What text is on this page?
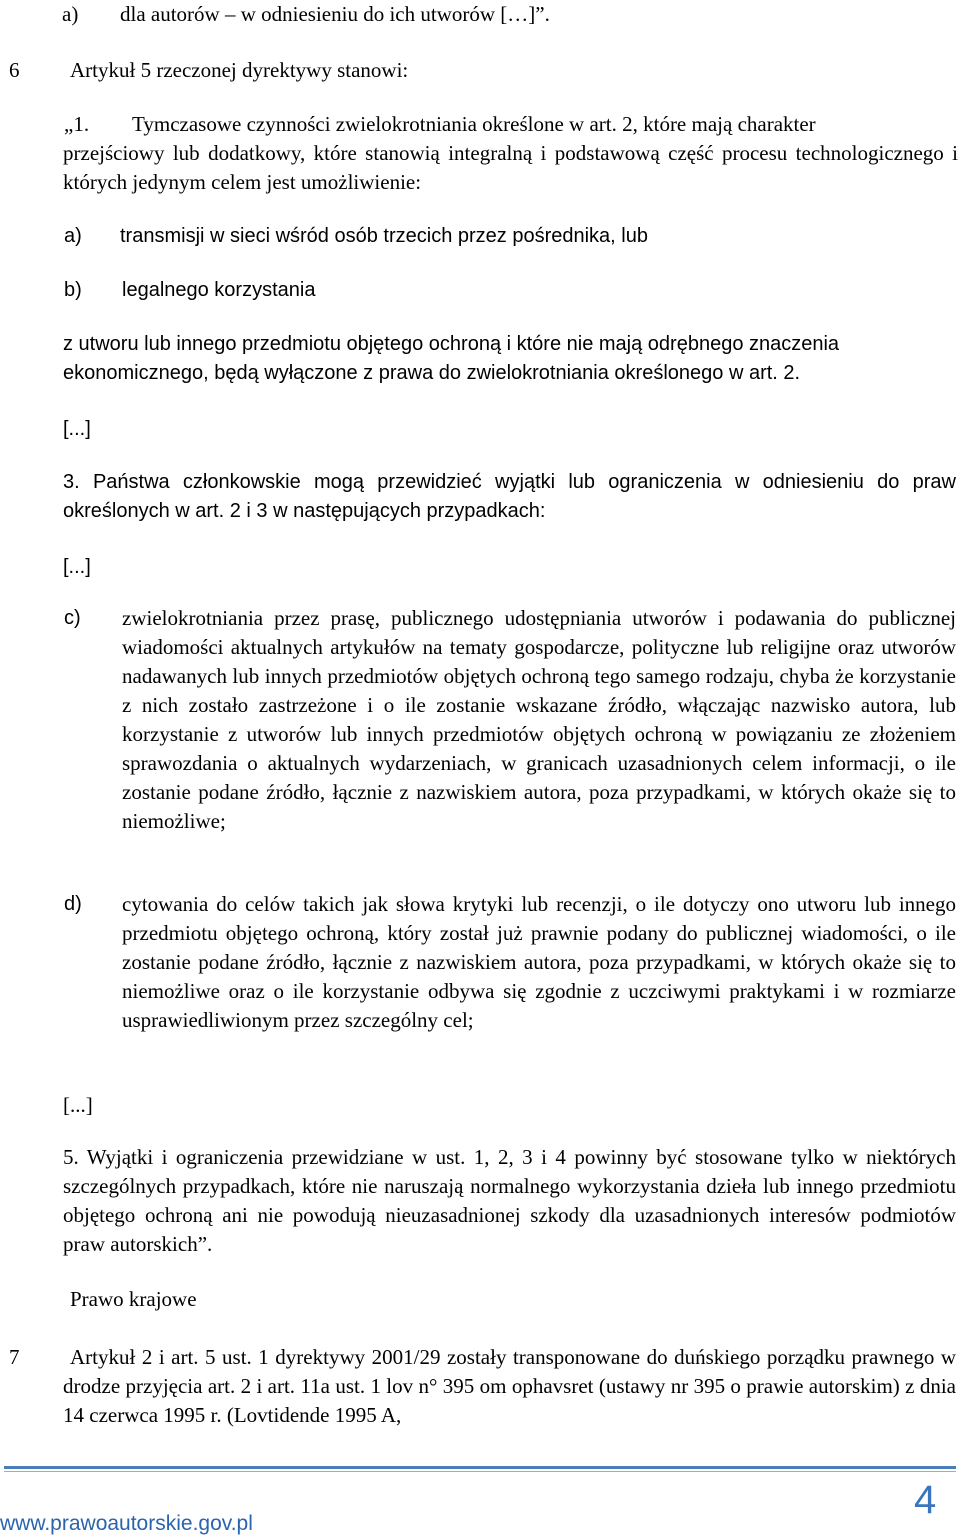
a) dla autorów – w odniesieniu do ich utworów […]”.
6 Artykuł 5 rzeczonej dyrektywy stanowi:
„1. Tymczasowe czynności zwielokrotniania określone w art. 2, które mają charakter
przejściowy lub dodatkowy, które stanowią integralną i podstawową część procesu technologicznego i których jedynym celem jest umożliwienie:
a) transmisji w sieci wśród osób trzecich przez pośrednika, lub
b) legalnego korzystania
z utworu lub innego przedmiotu objętego ochroną i które nie mają odrębnego znaczenia ekonomicznego, będą wyłączone z prawa do zwielokrotniania określonego w art. 2.
[...]
3. Państwa członkowskie mogą przewidzieć wyjątki lub ograniczenia w odniesieniu do praw określonych w art. 2 i 3 w następujących przypadkach:
[...]
c) zwielokrotniania przez prasę, publicznego udostępniania utworów i podawania do publicznej wiadomości aktualnych artykułów na tematy gospodarcze, polityczne lub religijne oraz utworów nadawanych lub innych przedmiotów objętych ochroną tego samego rodzaju, chyba że korzystanie z nich zostało zastrzeżone i o ile zostanie wskazane źródło, włączając nazwisko autora, lub korzystanie z utworów lub innych przedmiotów objętych ochroną w powiązaniu ze złożeniem sprawozdania o aktualnych wydarzeniach, w granicach uzasadnionych celem informacji, o ile zostanie podane źródło, łącznie z nazwiskiem autora, poza przypadkami, w których okaże się to niemożliwe;
d) cytowania do celów takich jak słowa krytyki lub recenzji, o ile dotyczy ono utworu lub innego przedmiotu objętego ochroną, który został już prawnie podany do publicznej wiadomości, o ile zostanie podane źródło, łącznie z nazwiskiem autora, poza przypadkami, w których okaże się to niemożliwe oraz o ile korzystanie odbywa się zgodnie z uczciwymi praktykami i w rozmiarze usprawiedliwionym przez szczególny cel;
[...]
5. Wyjątki i ograniczenia przewidziane w ust. 1, 2, 3 i 4 powinny być stosowane tylko w niektórych szczególnych przypadkach, które nie naruszają normalnego wykorzystania dzieła lub innego przedmiotu objętego ochroną ani nie powodują nieuzasadnionej szkody dla uzasadnionych interesów podmiotów praw autorskich”.
Prawo krajowe
7	Artykuł 2 i art. 5 ust. 1 dyrektywy 2001/29 zostały transponowane do duńskiego porządku prawnego w drodze przyjęcia art. 2 i art. 11a ust. 1 lov n° 395 om ophavsret (ustawy nr 395 o prawie autorskim) z dnia 14 czerwca 1995 r. (Lovtidende 1995 A,
4
www.prawoautorskie.gov.pl
